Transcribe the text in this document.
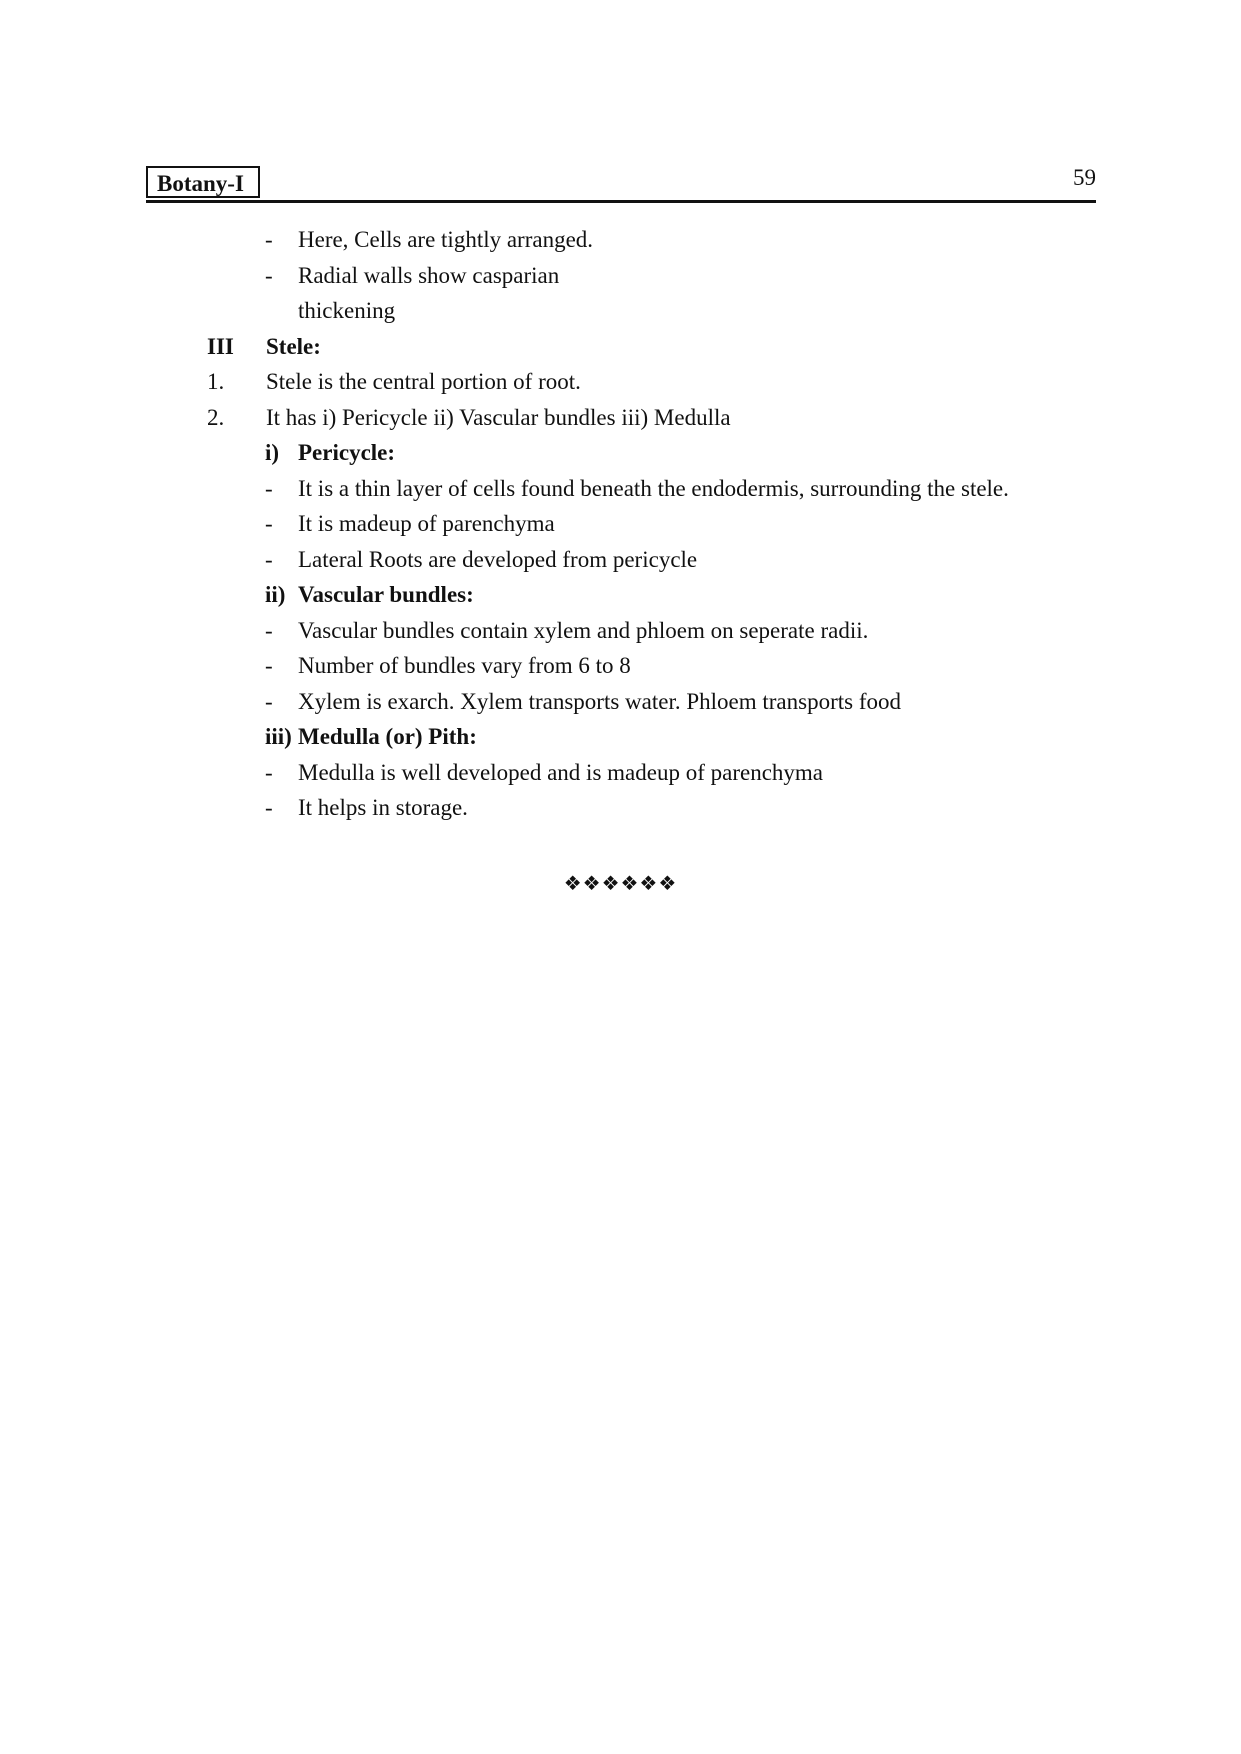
Botany-I	59
- Here, Cells are tightly arranged.
- Radial walls show casparian
thickening
III Stele:
1. Stele is the central portion of root.
2. It has i) Pericycle ii) Vascular bundles iii) Medulla
i) Pericycle:
- It is a thin layer of cells found beneath the endodermis, surrounding the stele.
- It is madeup of parenchyma
- Lateral Roots are developed from pericycle
ii) Vascular bundles:
- Vascular bundles contain xylem and phloem on seperate radii.
- Number of bundles vary from 6 to 8
- Xylem is exarch. Xylem transports water. Phloem transports food
iii) Medulla (or) Pith:
- Medulla is well developed and is madeup of parenchyma
- It helps in storage.
❖❖❖❖❖❖
